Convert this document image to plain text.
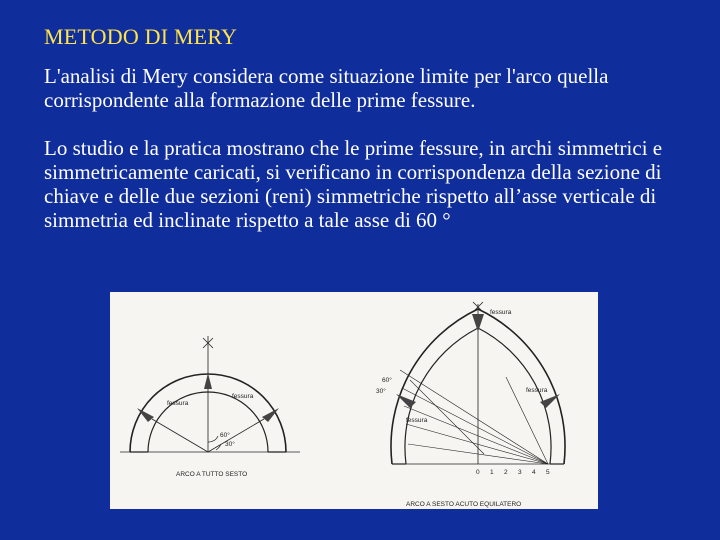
METODO DI MERY
L'analisi di Mery considera come situazione limite per l'arco quella corrispondente alla formazione delle prime fessure.
Lo studio e la pratica mostrano che le prime fessure, in archi simmetrici e simmetricamente caricati, si verificano in corrispondenza della sezione di chiave e delle due sezioni (reni) simmetriche rispetto all’asse verticale di simmetria ed inclinate rispetto a tale asse di 60 °
fessura
fessura
60°
30°
ARCO A TUTTO SESTO
fessura
fessura
fessura
60°
30°
0 1 2 3 4 5
ARCO A SESTO ACUTO EQUILATERO
